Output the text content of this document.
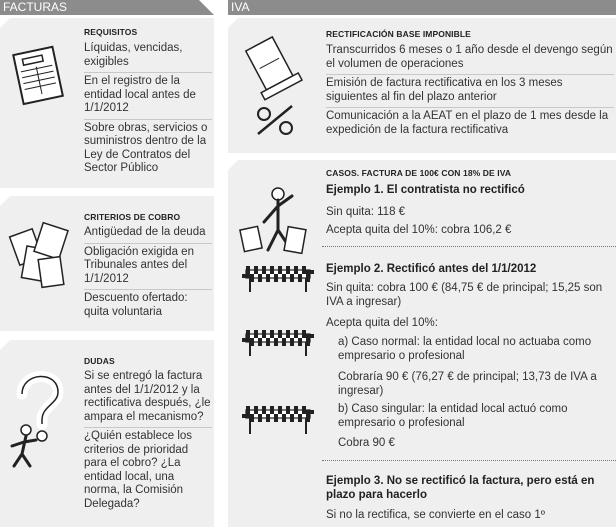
FACTURAS	IVA
REQUISITOS
Líquidas, vencidas, exigibles
En el registro de la entidad local antes de 1/1/2012
Sobre obras, servicios o suministros dentro de la Ley de Contratos del Sector Público
CRITERIOS DE COBRO
Antigüedad de la deuda
Obligación exigida en Tribunales antes del 1/1/2012
Descuento ofertado: quita voluntaria
DUDAS
Si se entregó la factura antes del 1/1/2012 y la rectificativa después, ¿le ampara el mecanismo?
¿Quién establece los criterios de prioridad para el cobro? ¿La entidad local, una norma, la Comisión Delegada?
RECTIFICACIÓN BASE IMPONIBLE
Transcurridos 6 meses o 1 año desde el devengo según el volumen de operaciones
Emisión de factura rectificativa en los 3 meses siguientes al fin del plazo anterior
Comunicación a la AEAT en el plazo de 1 mes desde la expedición de la factura rectificativa
CASOS. FACTURA DE 100€ CON 18% DE IVA
Ejemplo 1. El contratista no rectificó
Sin quita: 118 €
Acepta quita del 10%: cobra 106,2 €
Ejemplo 2. Rectificó antes del 1/1/2012
Sin quita: cobra 100 € (84,75 € de principal; 15,25 son IVA a ingresar)
Acepta quita del 10%:
a) Caso normal: la entidad local no actuaba como empresario o profesional
Cobraría 90 € (76,27 € de principal; 13,73 de IVA a ingresar)
b) Caso singular: la entidad local actuó como empresario o profesional
Cobra 90 €
Ejemplo 3. No se rectificó la factura, pero está en plazo para hacerlo
Si no la rectifica, se convierte en el caso 1º
